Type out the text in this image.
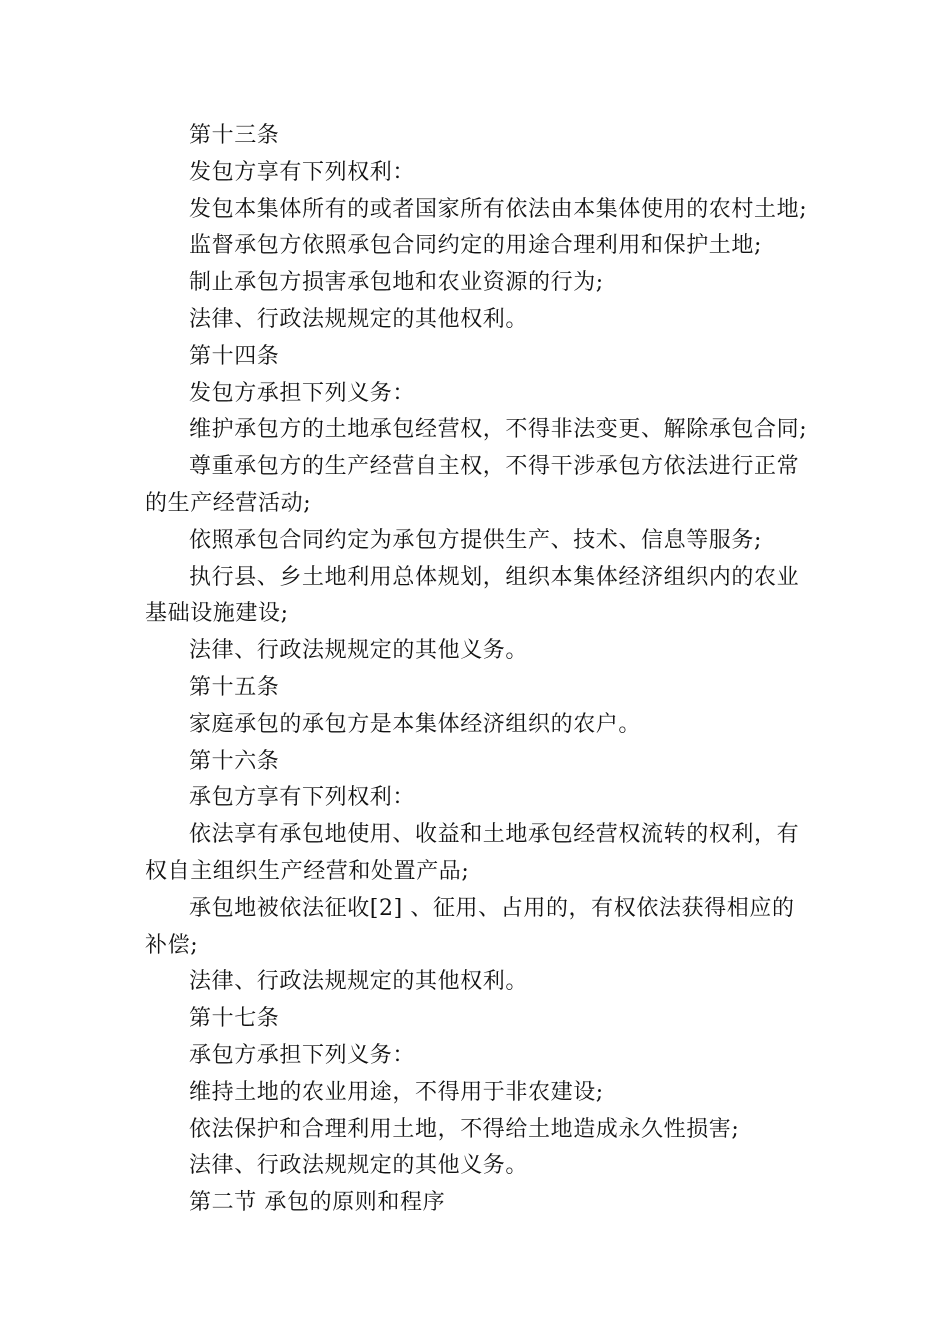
第十三条

发包方享有下列权利：

发包本集体所有的或者国家所有依法由本集体使用的农村土地;

监督承包方依照承包合同约定的用途合理利用和保护土地;

制止承包方损害承包地和农业资源的行为;

法律、行政法规规定的其他权利。

第十四条

发包方承担下列义务：

维护承包方的土地承包经营权，不得非法变更、解除承包合同;

尊重承包方的生产经营自主权，不得干涉承包方依法进行正常的生产经营活动;

依照承包合同约定为承包方提供生产、技术、信息等服务;

执行县、乡土地利用总体规划，组织本集体经济组织内的农业基础设施建设;

法律、行政法规规定的其他义务。

第十五条

家庭承包的承包方是本集体经济组织的农户。

第十六条

承包方享有下列权利：

依法享有承包地使用、收益和土地承包经营权流转的权利，有权自主组织生产经营和处置产品;

承包地被依法征收[2] 、征用、占用的，有权依法获得相应的补偿;

法律、行政法规规定的其他权利。

第十七条

承包方承担下列义务：

维持土地的农业用途，不得用于非农建设;

依法保护和合理利用土地，不得给土地造成永久性损害;

法律、行政法规规定的其他义务。

第二节 承包的原则和程序
